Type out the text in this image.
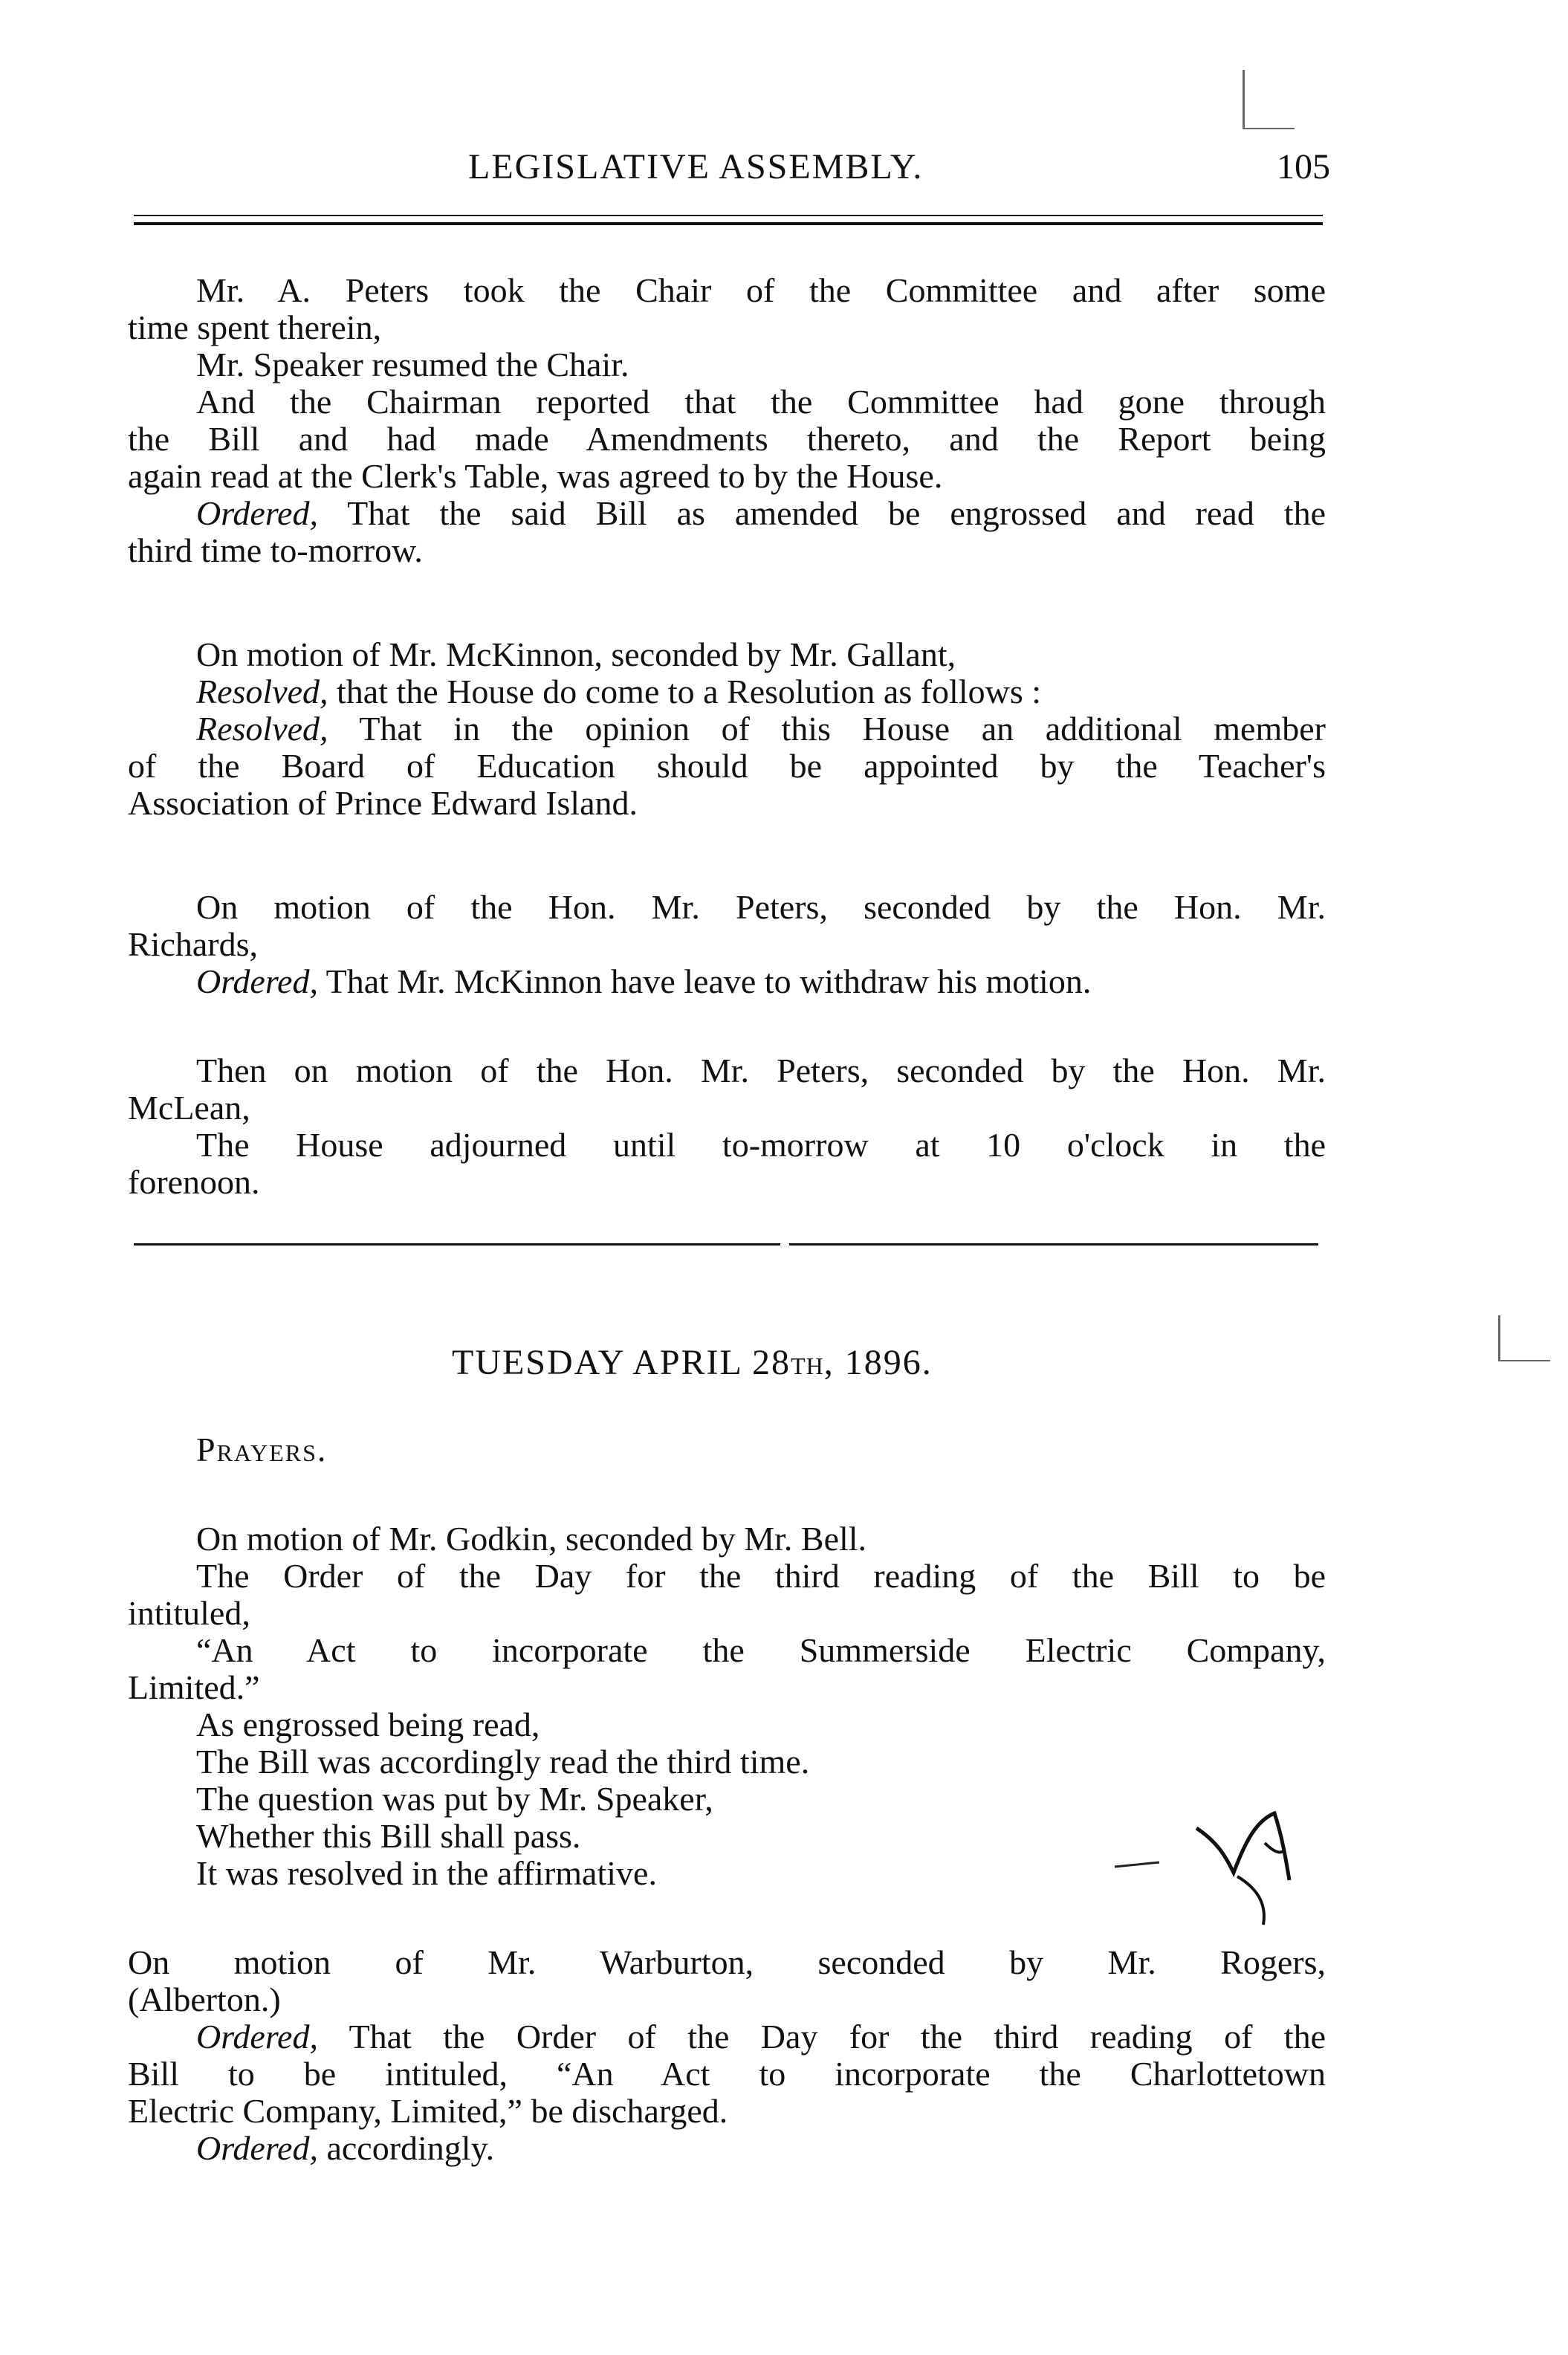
LEGISLATIVE ASSEMBLY.	105

Mr. A. Peters took the Chair of the Committee and after some

time spent therein,

Mr. Speaker resumed the Chair.

And the Chairman reported that the Committee had gone through

the Bill and had made Amendments thereto, and the Report being

again read at the Clerk's Table, was agreed to by the House.

Ordered, That the said Bill as amended be engrossed and read the

third time to-morrow.

On motion of Mr. McKinnon, seconded by Mr. Gallant,

Resolved, that the House do come to a Resolution as follows :

Resolved, That in the opinion of this House an additional member

of the Board of Education should be appointed by the Teacher's

Association of Prince Edward Island.

On motion of the Hon. Mr. Peters, seconded by the Hon. Mr.

Richards,

Ordered, That Mr. McKinnon have leave to withdraw his motion.

Then on motion of the Hon. Mr. Peters, seconded by the Hon. Mr.

McLean,

The House adjourned until to-morrow at 10 o'clock in the

forenoon.

TUESDAY APRIL 28TH, 1896.

Prayers.

On motion of Mr. Godkin, seconded by Mr. Bell.

The Order of the Day for the third reading of the Bill to be

intituled,

“An Act to incorporate the Summerside Electric Company,

Limited.”

As engrossed being read,

The Bill was accordingly read the third time.

The question was put by Mr. Speaker,

Whether this Bill shall pass.

It was resolved in the affirmative.

On motion of Mr. Warburton, seconded by Mr. Rogers,

(Alberton.)

Ordered, That the Order of the Day for the third reading of the

Bill to be intituled, “An Act to incorporate the Charlottetown

Electric Company, Limited,” be discharged.

Ordered, accordingly.
